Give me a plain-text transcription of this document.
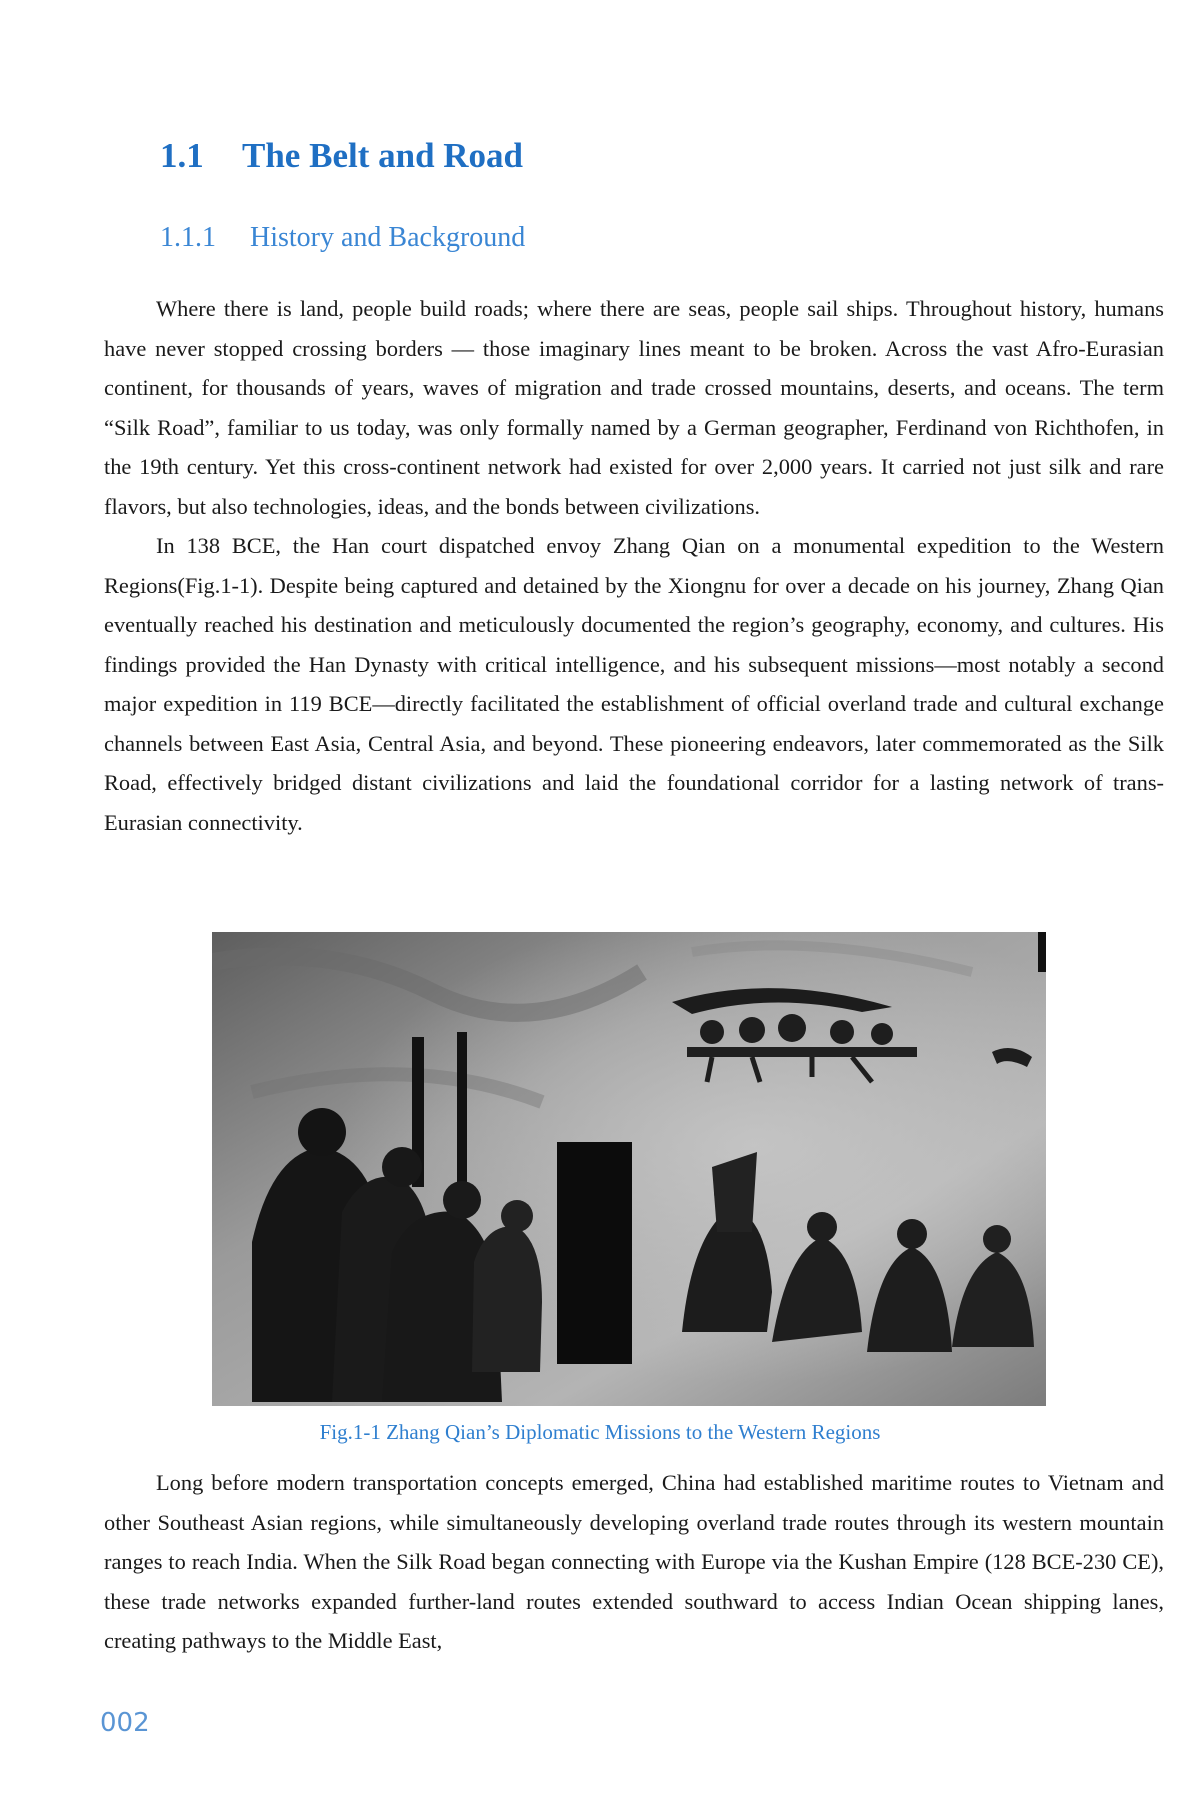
1.1 The Belt and Road
1.1.1 History and Background

Where there is land, people build roads; where there are seas, people sail ships. Throughout history, humans have never stopped crossing borders — those imaginary lines meant to be broken. Across the vast Afro-Eurasian continent, for thousands of years, waves of migration and trade crossed mountains, deserts, and oceans. The term “Silk Road”, familiar to us today, was only formally named by a German geographer, Ferdinand von Richthofen, in the 19th century. Yet this cross-continent network had existed for over 2,000 years. It carried not just silk and rare flavors, but also technologies, ideas, and the bonds between civilizations.

In 138 BCE, the Han court dispatched envoy Zhang Qian on a monumental expedition to the Western Regions(Fig.1-1). Despite being captured and detained by the Xiongnu for over a decade on his journey, Zhang Qian eventually reached his destination and meticulously documented the region’s geography, economy, and cultures. His findings provided the Han Dynasty with critical intelligence, and his subsequent missions—most notably a second major expedition in 119 BCE—directly facilitated the establishment of official overland trade and cultural exchange channels between East Asia, Central Asia, and beyond. These pioneering endeavors, later commemorated as the Silk Road, effectively bridged distant civilizations and laid the foundational corridor for a lasting network of trans-Eurasian connectivity.

Fig.1-1 Zhang Qian’s Diplomatic Missions to the Western Regions

Long before modern transportation concepts emerged, China had established maritime routes to Vietnam and other Southeast Asian regions, while simultaneously developing overland trade routes through its western mountain ranges to reach India. When the Silk Road began connecting with Europe via the Kushan Empire (128 BCE-230 CE), these trade networks expanded further-land routes extended southward to access Indian Ocean shipping lanes, creating pathways to the Middle East,

002
